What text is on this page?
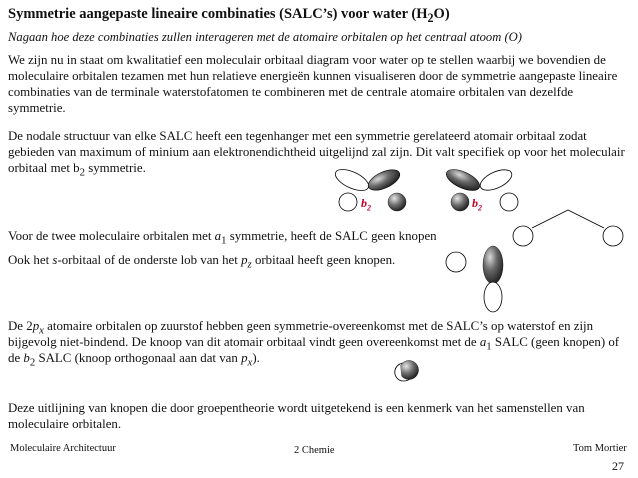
Symmetrie aangepaste lineaire combinaties (SALC’s) voor water $(H_2O)$
Nagaan hoe deze combinaties zullen interageren met de atomaire orbitalen op het centraal atoom (O)
We zijn nu in staat om kwalitatief een moleculair orbitaal diagram voor water op te stellen waarbij we bovendien de moleculaire orbitalen tezamen met hun relatieve energieën kunnen visualiseren door de symmetrie aangepaste lineaire combinaties van de terminale waterstofatomen te combineren met de centrale atomaire orbitalen van dezelfde symmetrie.
De nodale structuur van elke SALC heeft een tegenhanger met een symmetrie gerelateerd atomair orbitaal zodat gebieden van maximum of minium aan elektronendichtheid uitgelijnd zal zijn. Dit valt specifiek op voor het moleculair orbitaal met $b_2$ symmetrie.
Voor de twee moleculaire orbitalen met $a_1$ symmetrie, heeft de SALC geen knopen
Ook het s-orbitaal of de onderste lob van het $p_z$ orbitaal heeft geen knopen.
De $2p_x$ atomaire orbitalen op zuurstof hebben geen symmetrie-overeenkomst met de SALC’s op waterstof en zijn bijgevolg niet-bindend. De knoop van dit atomair orbitaal vindt geen overeenkomst met de $a_1$ SALC (geen knopen) of de $b_2$ SALC (knoop orthogonaal aan dat van $p_x$).
Deze uitlijning van knopen die door groepentheorie wordt uitgetekend is een kenmerk van het samenstellen van moleculaire orbitalen.
$b_2$	$b_2$
Moleculaire Architectuur	2 Chemie	Tom Mortier
27
